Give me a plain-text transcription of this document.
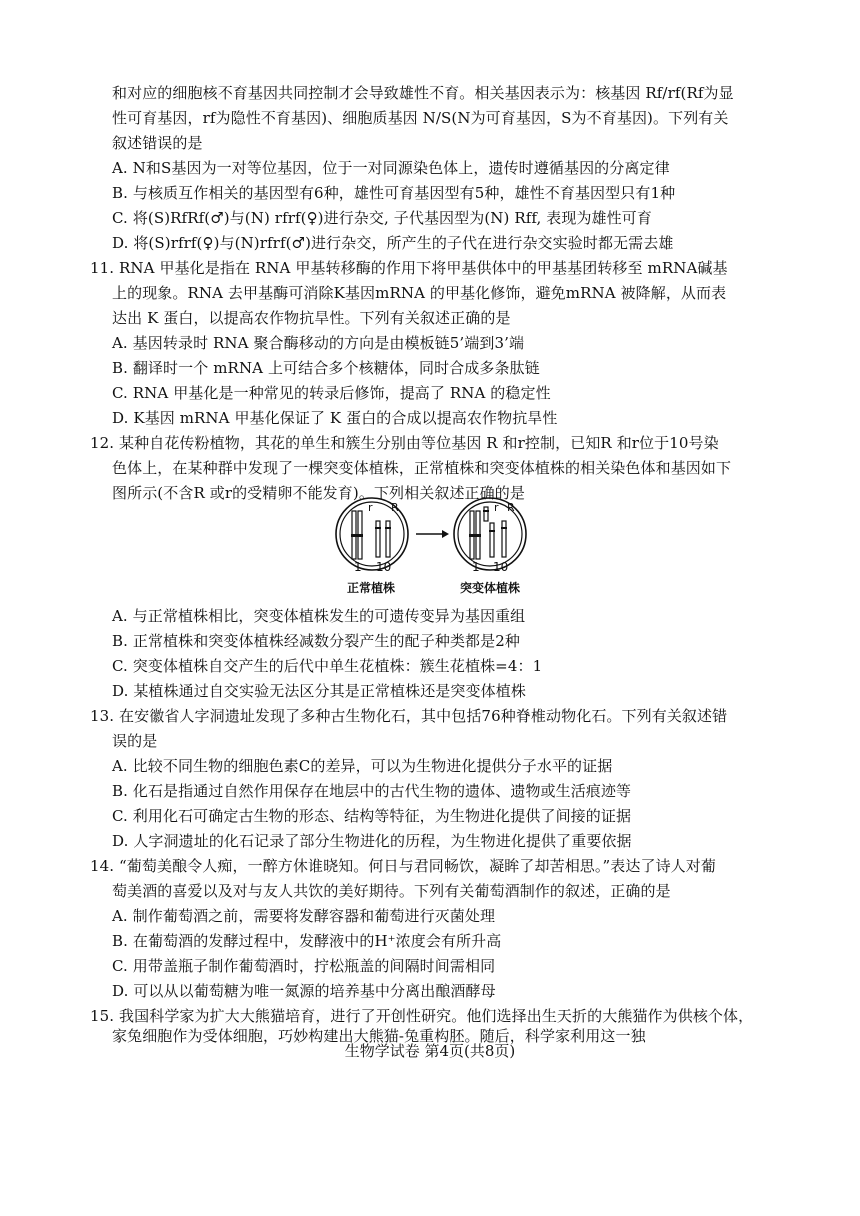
和对应的细胞核不育基因共同控制才会导致雄性不育。相关基因表示为：核基因 Rf/rf(Rf为显
性可育基因，rf为隐性不育基因)、细胞质基因 N/S(N为可育基因，S为不育基因)。下列有关
叙述错误的是
A. N和S基因为一对等位基因，位于一对同源染色体上，遗传时遵循基因的分离定律
B. 与核质互作相关的基因型有6种，雄性可育基因型有5种，雄性不育基因型只有1种
C. 将(S)RfRf(♂)与(N) rfrf(♀)进行杂交, 子代基因型为(N) Rff, 表现为雄性可育
D. 将(S)rfrf(♀)与(N)rfrf(♂)进行杂交，所产生的子代在进行杂交实验时都无需去雄
11. RNA 甲基化是指在 RNA 甲基转移酶的作用下将甲基供体中的甲基基团转移至 mRNA碱基
上的现象。RNA 去甲基酶可消除K基因mRNA 的甲基化修饰，避免mRNA 被降解，从而表
达出 K 蛋白，以提高农作物抗旱性。下列有关叙述正确的是
A. 基因转录时 RNA 聚合酶移动的方向是由模板链5’端到3’端
B. 翻译时一个 mRNA 上可结合多个核糖体，同时合成多条肽链
C. RNA 甲基化是一种常见的转录后修饰，提高了 RNA 的稳定性
D. K基因 mRNA 甲基化保证了 K 蛋白的合成以提高农作物抗旱性
12. 某种自花传粉植物，其花的单生和簇生分别由等位基因 R 和r控制，已知R 和r位于10号染
色体上，在某种群中发现了一棵突变体植株，正常植株和突变体植株的相关染色体和基因如下
图所示(不含R 或r的受精卵不能发育)。下列相关叙述正确的是
A. 与正常植株相比，突变体植株发生的可遗传变异为基因重组
B. 正常植株和突变体植株经减数分裂产生的配子种类都是2种
C. 突变体植株自交产生的后代中单生花植株：簇生花植株=4：1
D. 某植株通过自交实验无法区分其是正常植株还是突变体植株
13. 在安徽省人字洞遗址发现了多种古生物化石，其中包括76种脊椎动物化石。下列有关叙述错
误的是
A. 比较不同生物的细胞色素C的差异，可以为生物进化提供分子水平的证据
B. 化石是指通过自然作用保存在地层中的古代生物的遗体、遗物或生活痕迹等
C. 利用化石可确定古生物的形态、结构等特征，为生物进化提供了间接的证据
D. 人字洞遗址的化石记录了部分生物进化的历程，为生物进化提供了重要依据
14. “葡萄美酿令人痴，一醉方休谁晓知。何日与君同畅饮，凝眸了却苦相思。”表达了诗人对葡
萄美酒的喜爱以及对与友人共饮的美好期待。下列有关葡萄酒制作的叙述，正确的是
A. 制作葡萄酒之前，需要将发酵容器和葡萄进行灭菌处理
B. 在葡萄酒的发酵过程中，发酵液中的H⁺浓度会有所升高
C. 用带盖瓶子制作葡萄酒时，拧松瓶盖的间隔时间需相同
D. 可以从以葡萄糖为唯一氮源的培养基中分离出酿酒酵母
15. 我国科学家为扩大大熊猫培育，进行了开创性研究。他们选择出生天折的大熊猫作为供核个体，
家兔细胞作为受体细胞，巧妙构建出大熊猫-兔重构胚。随后，科学家利用这一独
r R	r R
1 10	1 10
正常植株	突变体植株
生物学试卷 第4页(共8页)
